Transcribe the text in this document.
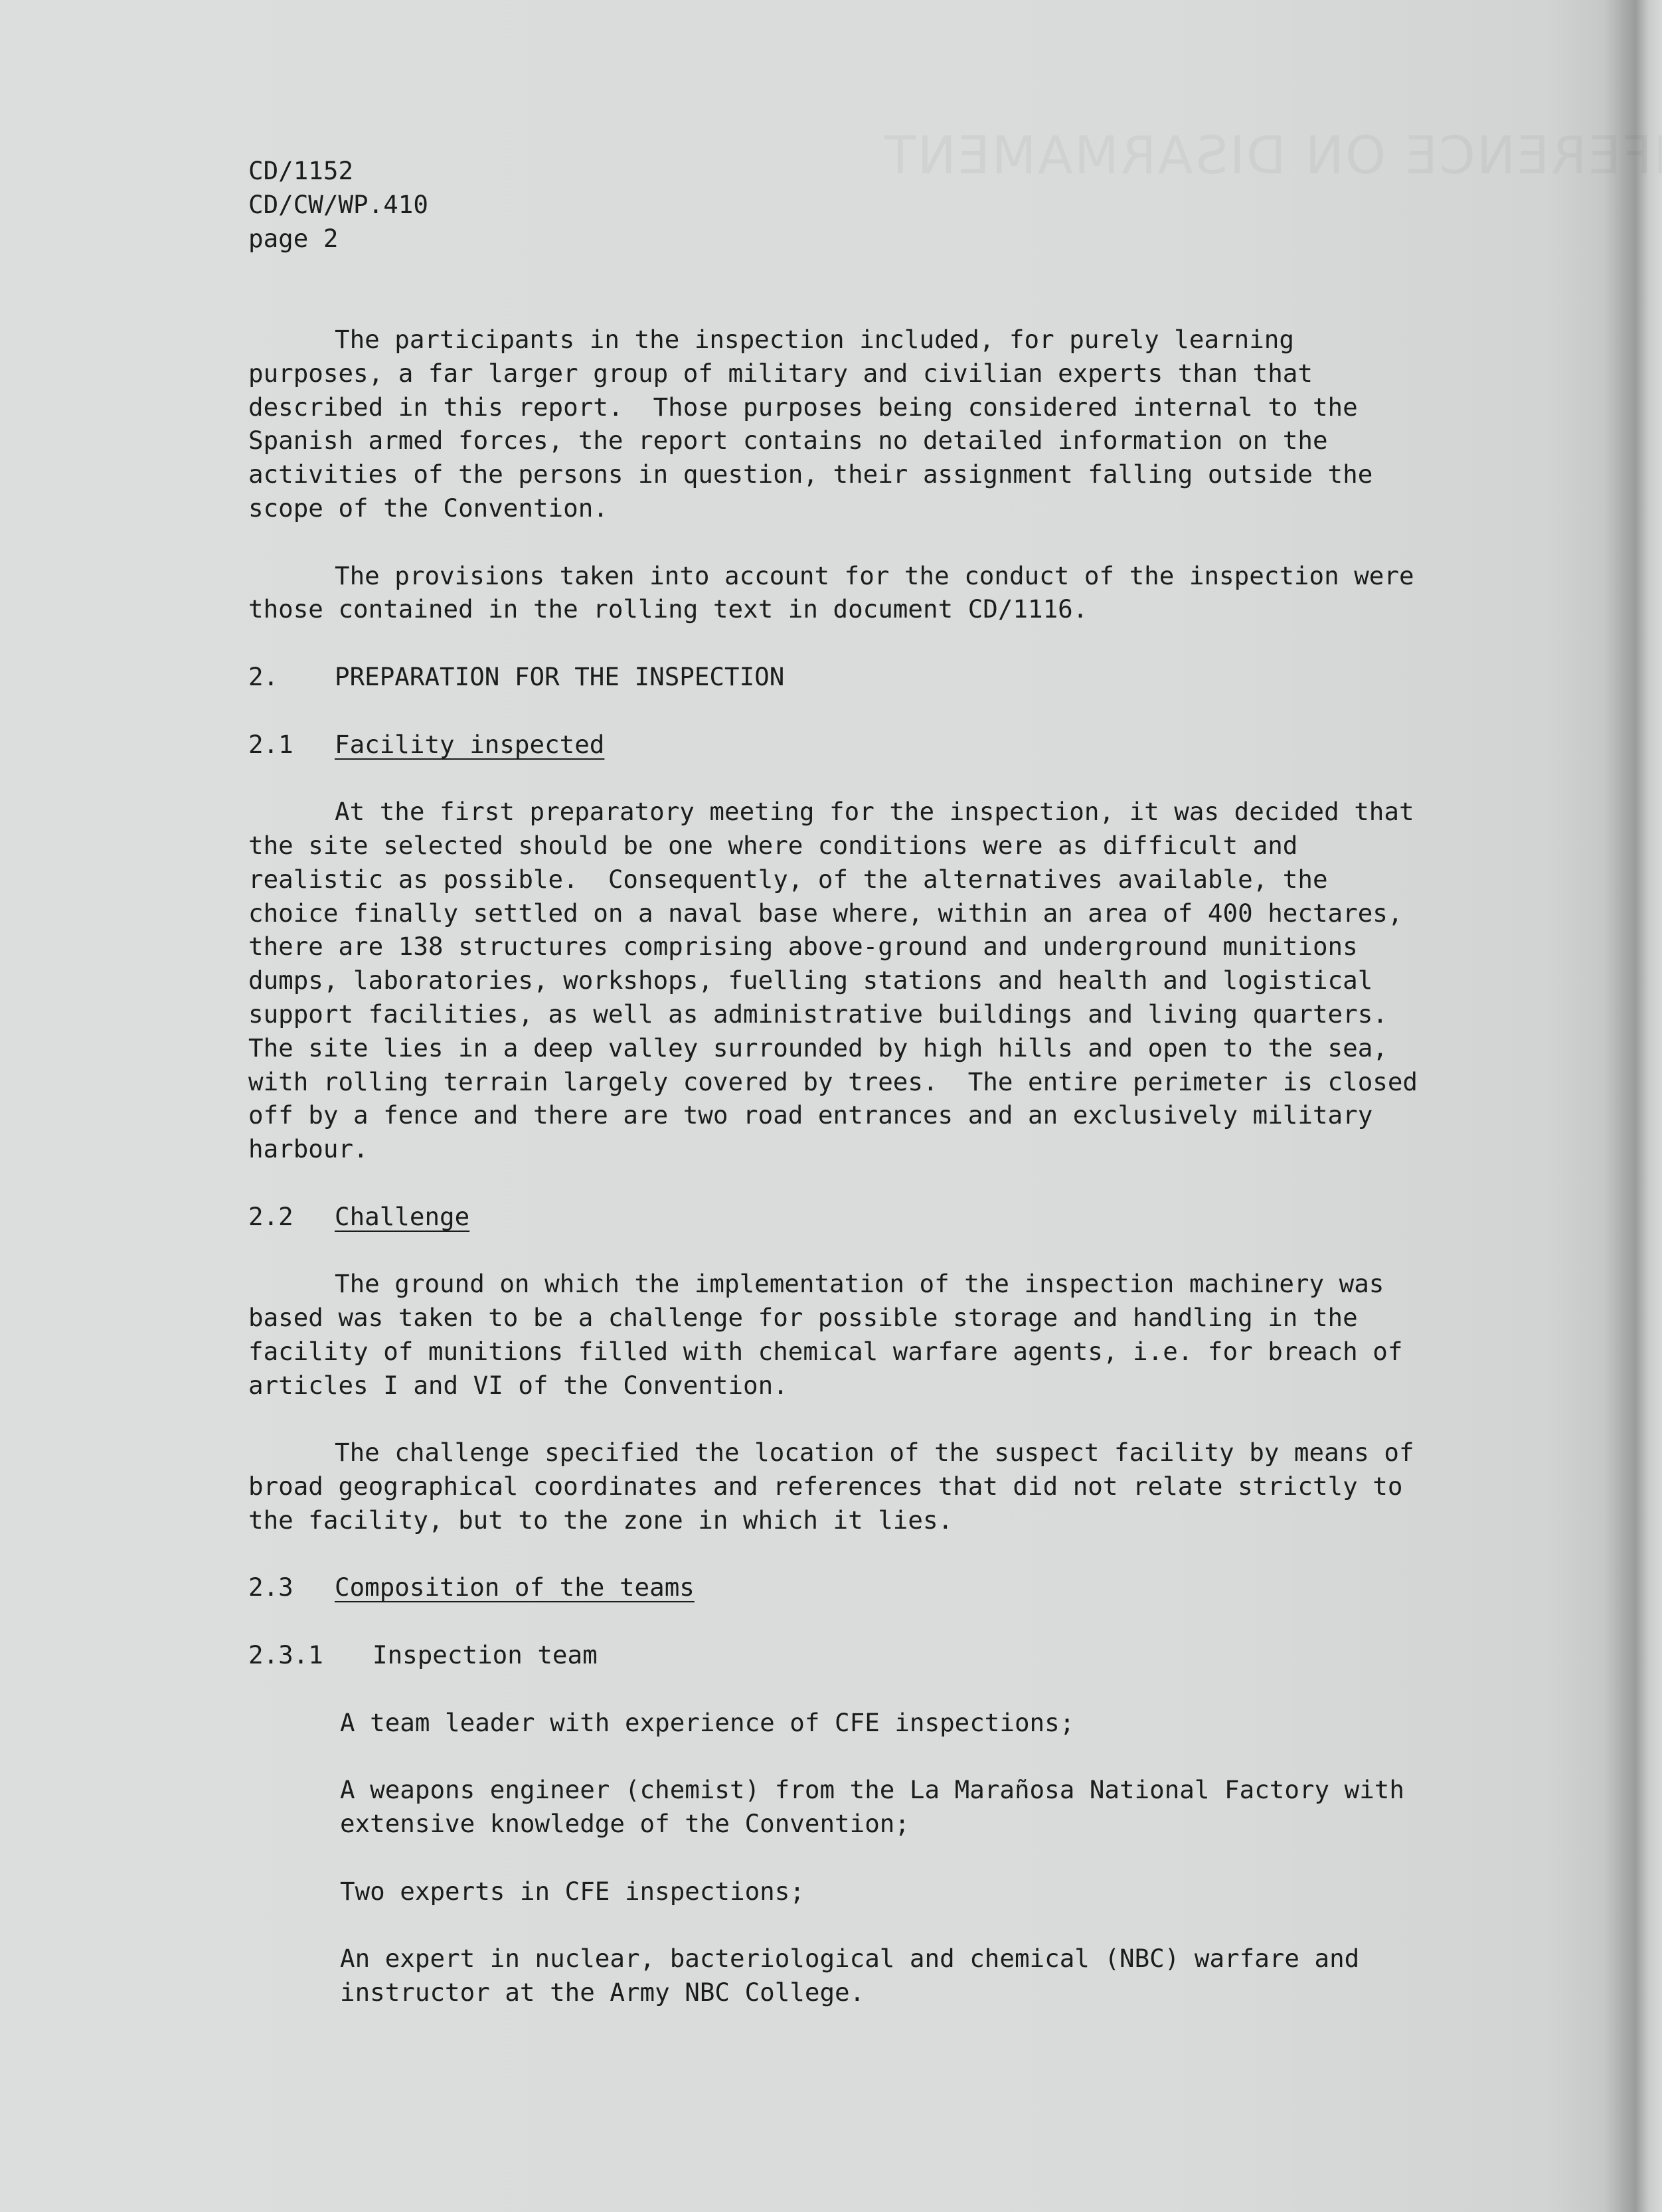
CD/1152
CD/CW/WP.410
page 2
The participants in the inspection included, for purely learning
purposes, a far larger group of military and civilian experts than that
described in this report.  Those purposes being considered internal to the
Spanish armed forces, the report contains no detailed information on the
activities of the persons in question, their assignment falling outside the
scope of the Convention.
The provisions taken into account for the conduct of the inspection were
those contained in the rolling text in document CD/1116.
2. PREPARATION FOR THE INSPECTION
2.1 Facility inspected
At the first preparatory meeting for the inspection, it was decided that
the site selected should be one where conditions were as difficult and
realistic as possible.  Consequently, of the alternatives available, the
choice finally settled on a naval base where, within an area of 400 hectares,
there are 138 structures comprising above-ground and underground munitions
dumps, laboratories, workshops, fuelling stations and health and logistical
support facilities, as well as administrative buildings and living quarters.
The site lies in a deep valley surrounded by high hills and open to the sea,
with rolling terrain largely covered by trees.  The entire perimeter is closed
off by a fence and there are two road entrances and an exclusively military
harbour.
2.2 Challenge
The ground on which the implementation of the inspection machinery was
based was taken to be a challenge for possible storage and handling in the
facility of munitions filled with chemical warfare agents, i.e. for breach of
articles I and VI of the Convention.
The challenge specified the location of the suspect facility by means of
broad geographical coordinates and references that did not relate strictly to
the facility, but to the zone in which it lies.
2.3 Composition of the teams
2.3.1 Inspection team
A team leader with experience of CFE inspections;
A weapons engineer (chemist) from the La Marañosa National Factory with
extensive knowledge of the Convention;
Two experts in CFE inspections;
An expert in nuclear, bacteriological and chemical (NBC) warfare and
instructor at the Army NBC College.
